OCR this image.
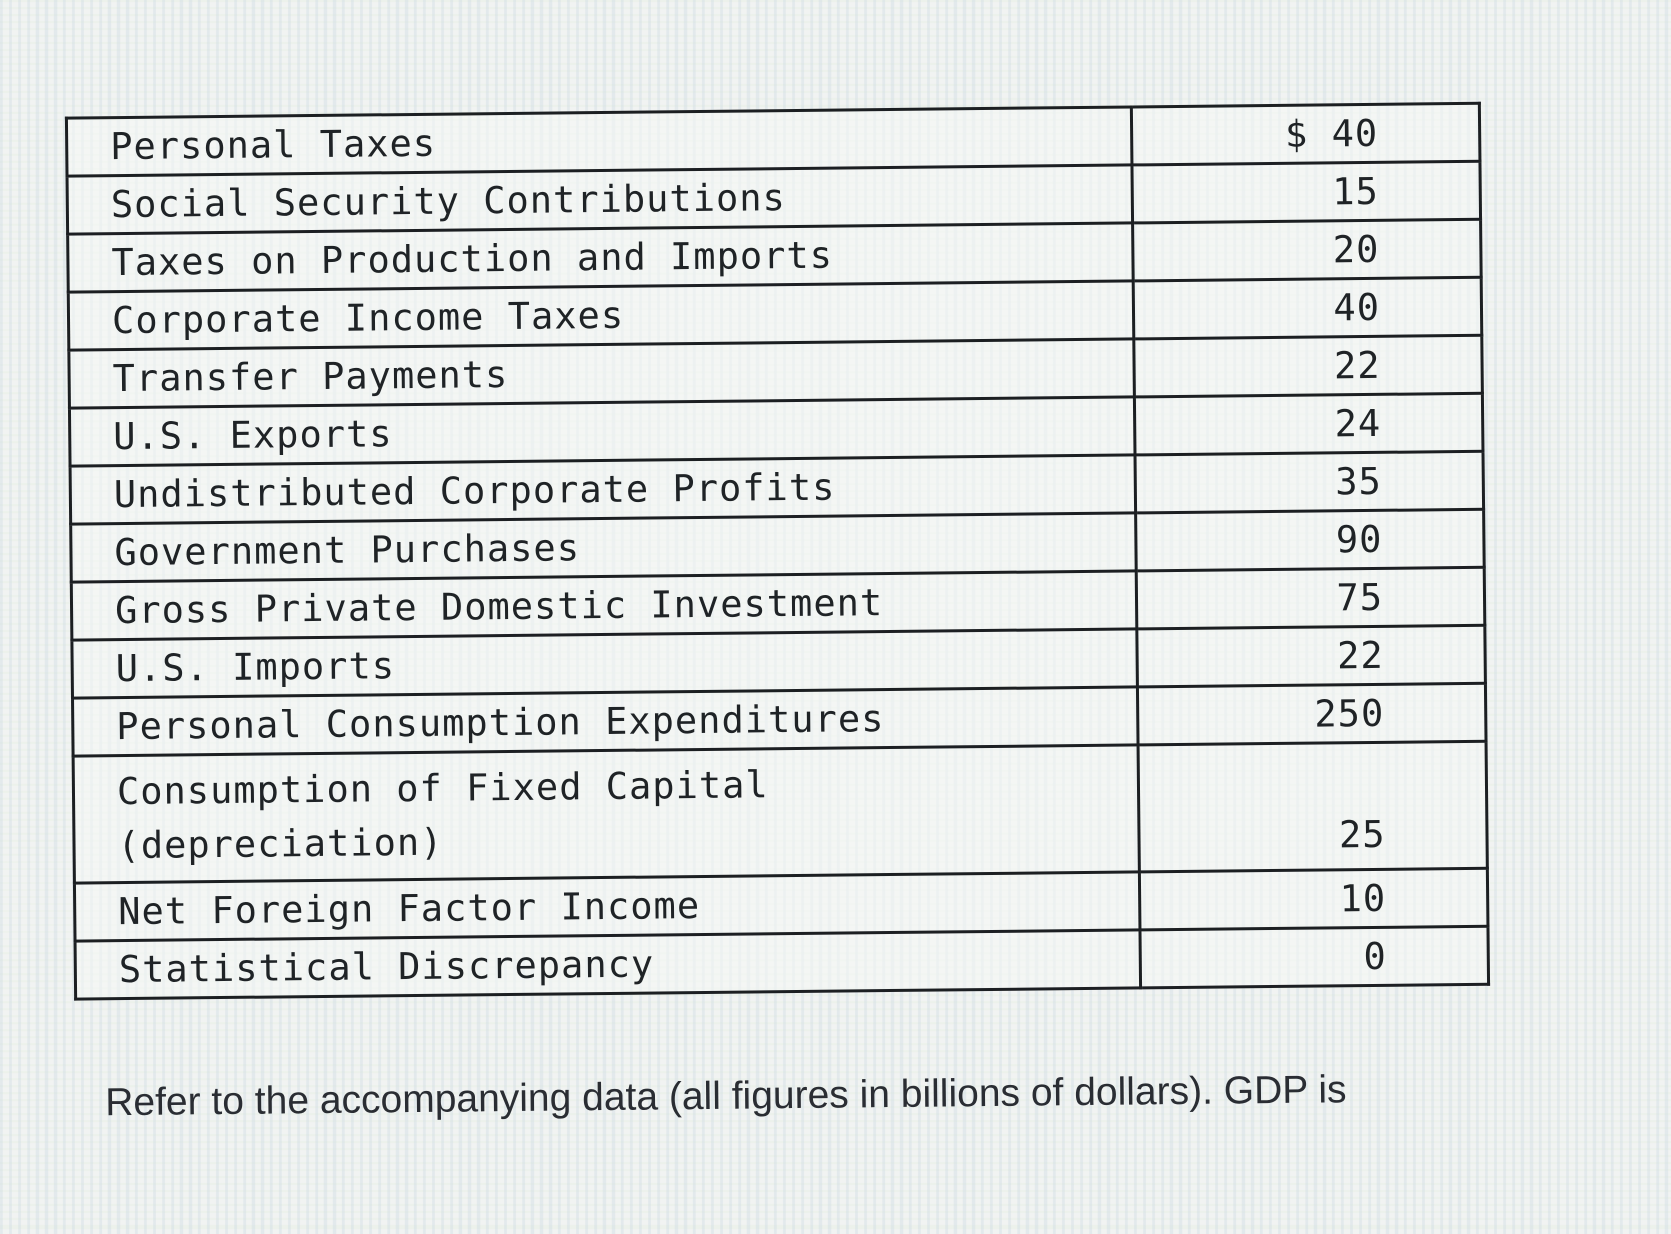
Personal Taxes	$ 40
Social Security Contributions	15
Taxes on Production and Imports	20
Corporate Income Taxes	40
Transfer Payments	22
U.S. Exports	24
Undistributed Corporate Profits	35
Government Purchases	90
Gross Private Domestic Investment	75
U.S. Imports	22
Personal Consumption Expenditures	250

Consumption of Fixed Capital
(depreciation)	25
Net Foreign Factor Income	10
Statistical Discrepancy	0
Refer to the accompanying data (all figures in billions of dollars). GDP is
